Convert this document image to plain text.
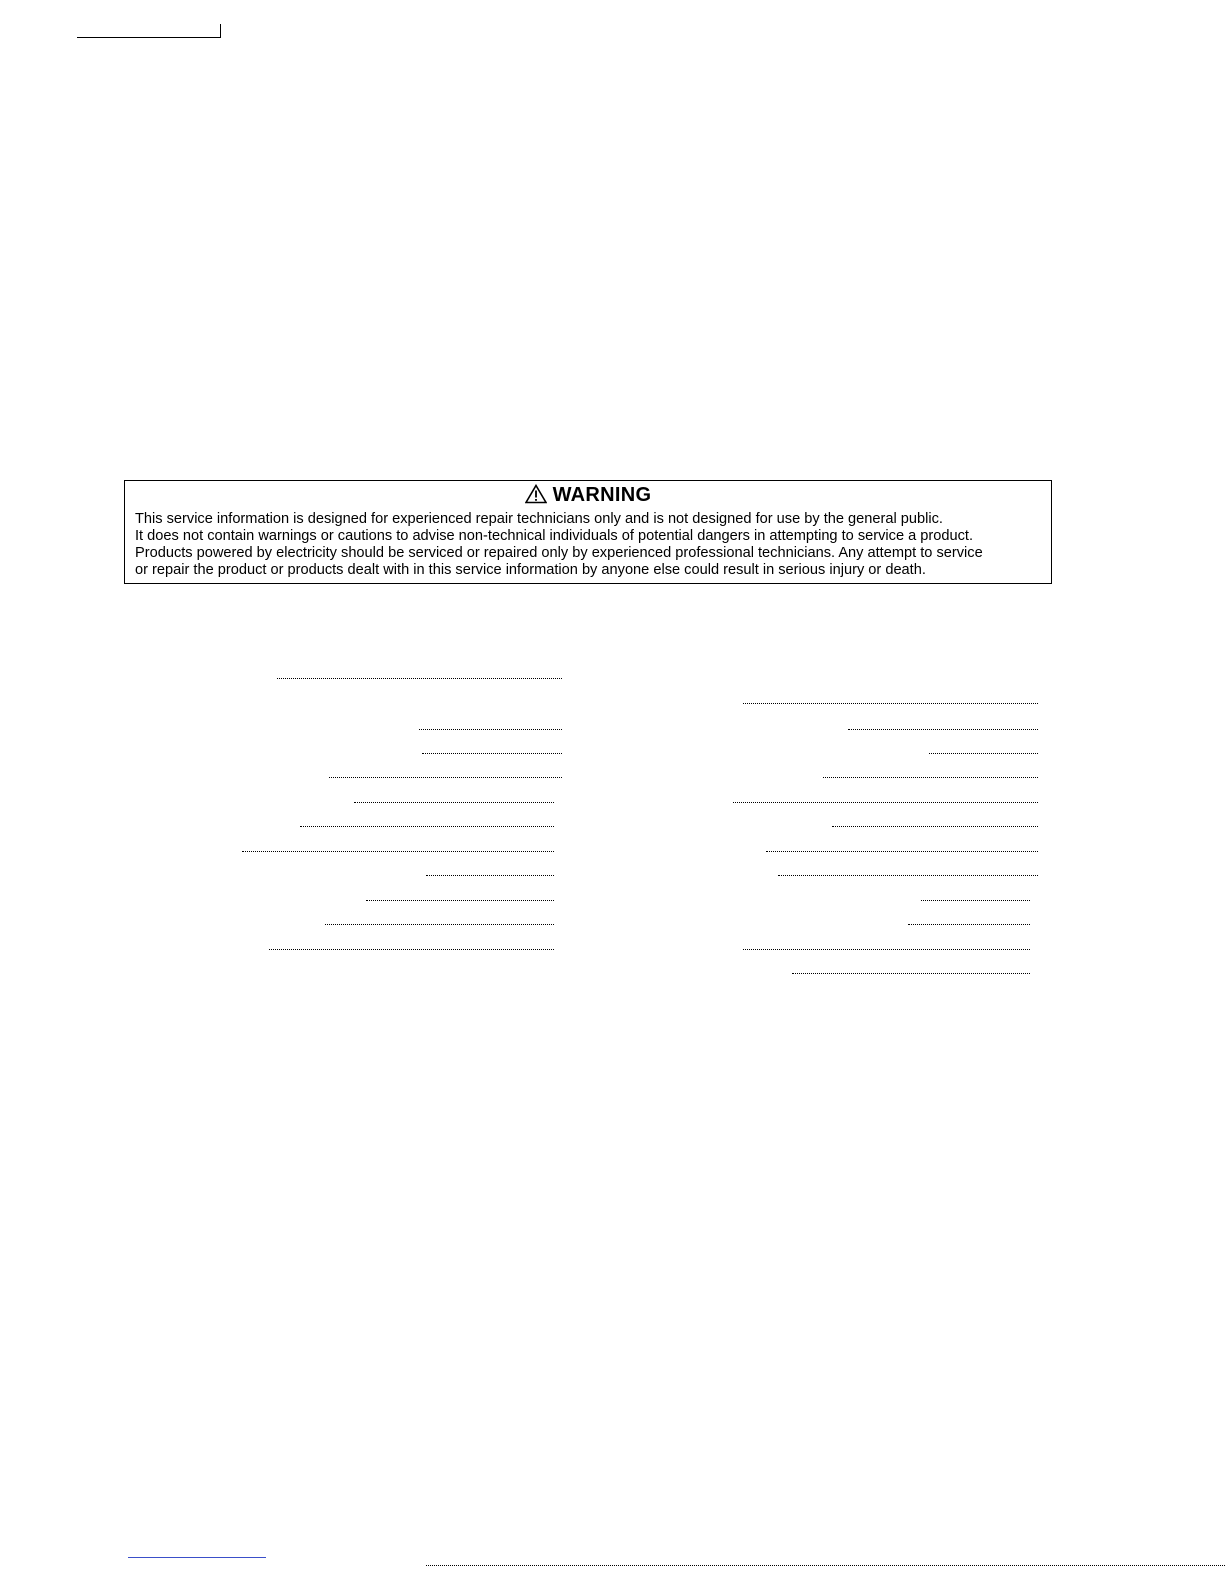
WARNING
This service information is designed for experienced repair technicians only and is not designed for use by the general public.
It does not contain warnings or cautions to advise non-technical individuals of potential dangers in attempting to service a product.
Products powered by electricity should be serviced or repaired only by experienced professional technicians. Any attempt to service
or repair the product or products dealt with in this service information by anyone else could result in serious injury or death.
